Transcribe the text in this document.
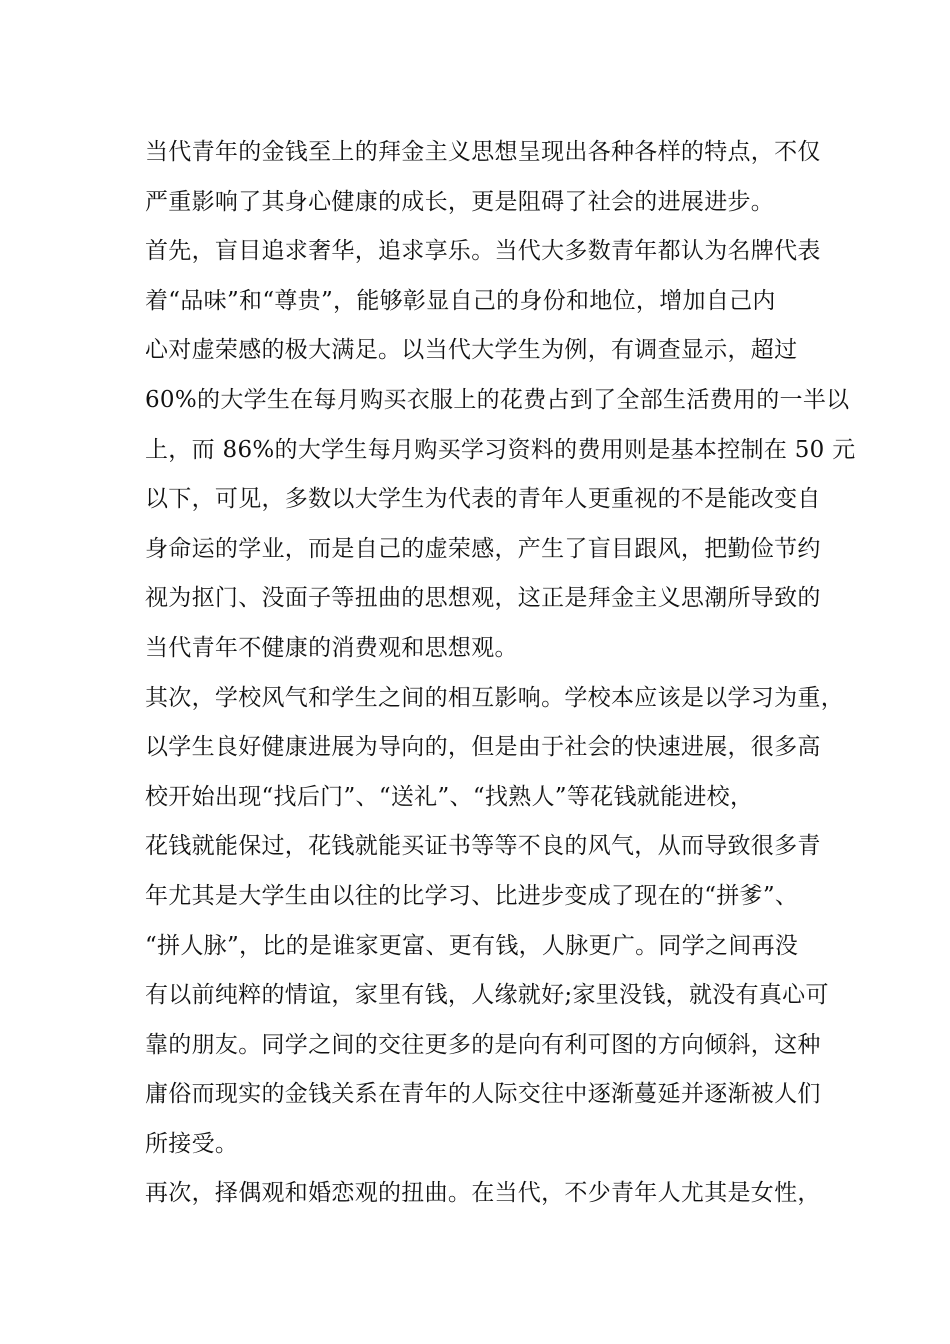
当代青年的金钱至上的拜金主义思想呈现出各种各样的特点，不仅
严重影响了其身心健康的成长，更是阻碍了社会的进展进步。
首先，盲目追求奢华，追求享乐。当代大多数青年都认为名牌代表
着“品味”和“尊贵”，能够彰显自己的身份和地位，增加自己内
心对虚荣感的极大满足。以当代大学生为例，有调查显示，超过
60%的大学生在每月购买衣服上的花费占到了全部生活费用的一半以
上，而 86%的大学生每月购买学习资料的费用则是基本控制在 50 元
以下，可见，多数以大学生为代表的青年人更重视的不是能改变自
身命运的学业，而是自己的虚荣感，产生了盲目跟风，把勤俭节约
视为抠门、没面子等扭曲的思想观，这正是拜金主义思潮所导致的
当代青年不健康的消费观和思想观。
其次，学校风气和学生之间的相互影响。学校本应该是以学习为重，
以学生良好健康进展为导向的，但是由于社会的快速进展，很多高
校开始出现“找后门”、“送礼”、“找熟人”等花钱就能进校，
花钱就能保过，花钱就能买证书等等不良的风气，从而导致很多青
年尤其是大学生由以往的比学习、比进步变成了现在的“拼爹”、
“拼人脉”，比的是谁家更富、更有钱，人脉更广。同学之间再没
有以前纯粹的情谊，家里有钱，人缘就好;家里没钱，就没有真心可
靠的朋友。同学之间的交往更多的是向有利可图的方向倾斜，这种
庸俗而现实的金钱关系在青年的人际交往中逐渐蔓延并逐渐被人们
所接受。
再次，择偶观和婚恋观的扭曲。在当代，不少青年人尤其是女性，
